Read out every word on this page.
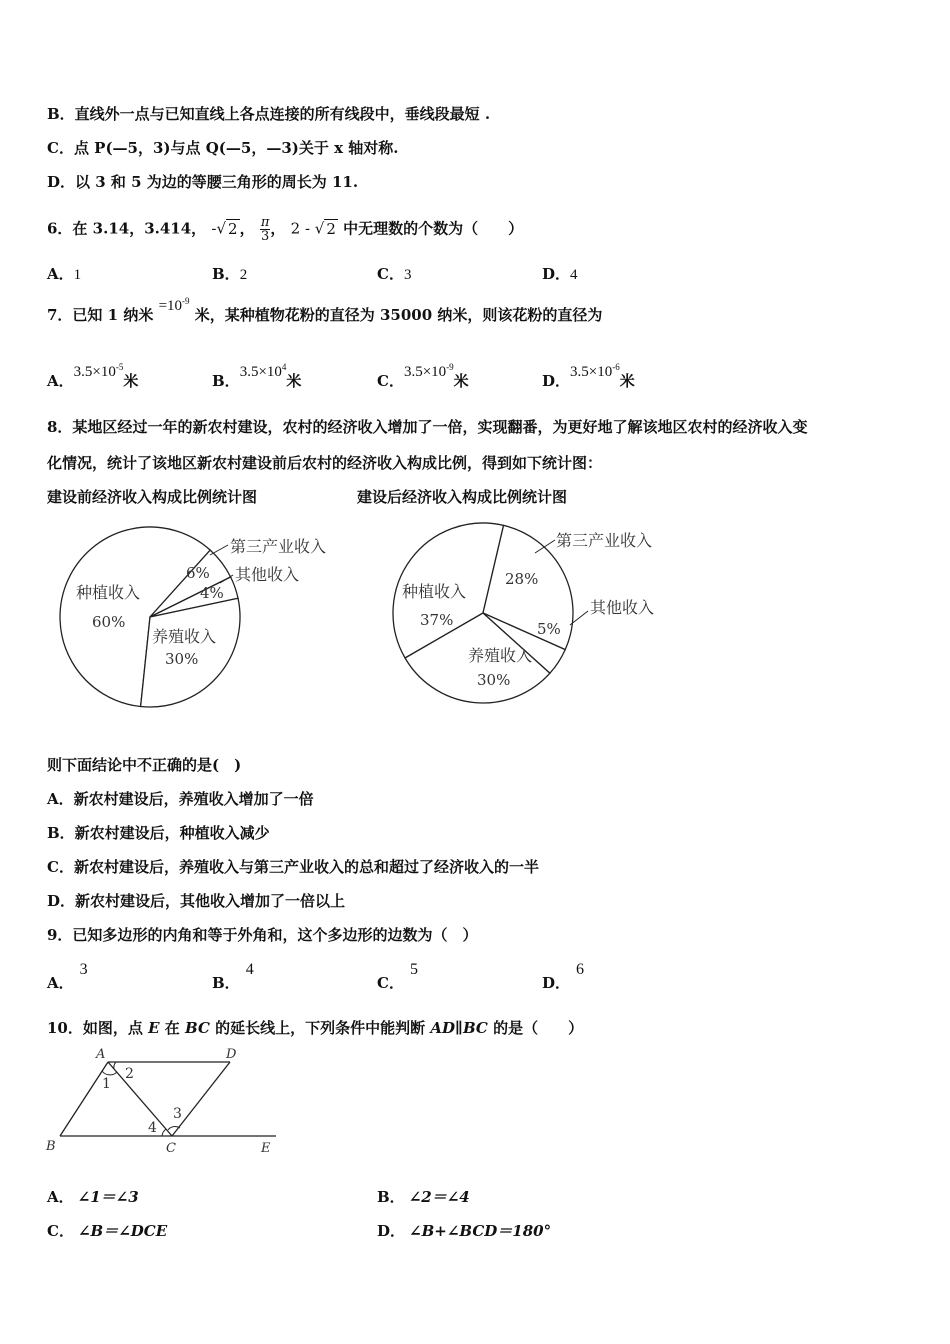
B．直线外一点与已知直线上各点连接的所有线段中，垂线段最短 .
C．点 P(—5，3)与点 Q(—5，—3)关于 x 轴对称.
D．以 3 和 5 为边的等腰三角形的周长为 11.
6．在 3.14，3.414， -√ 2 ， $\frac{\pi}{3}$ ， 2 - √ 2 中无理数的个数为（　　）
A．1	B．2	C．3	D．4
7．已知 1 纳米 $=10^{-9}$ 米，某种植物花粉的直径为 35000 纳米，则该花粉的直径为
A．$3.5\times 10^{-5}$米	B．$3.5\times 10^4$米	C．$3.5\times 10^{-9}$米	D．$3.5\times 10^{-6}$米
8．某地区经过一年的新农村建设，农村的经济收入增加了一倍，实现翻番，为更好地了解该地区农村的经济收入变
化情况，统计了该地区新农村建设前后农村的经济收入构成比例，得到如下统计图：
建设前经济收入构成比例统计图	建设后经济收入构成比例统计图
第三产业收入
其他收入
种植收入
60%
6%
4%
养殖收入
30%
第三产业收入
其他收入
种植收入
37%
28%
5%
养殖收入
30%
则下面结论中不正确的是(　)
A．新农村建设后，养殖收入增加了一倍
B．新农村建设后，种植收入减少
C．新农村建设后，养殖收入与第三产业收入的总和超过了经济收入的一半
D．新农村建设后，其他收入增加了一倍以上
9．已知多边形的内角和等于外角和，这个多边形的边数为（　）
A．3
B．4
C．5
D．6
10．如图，点 E 在 BC 的延长线上，下列条件中能判断 AD∥BC 的是（　　）
A	D
B	C	E
1
2
3
4
A． ∠1＝∠3	B． ∠2＝∠4
C． ∠B＝∠DCE	D． ∠B+∠BCD＝180°
